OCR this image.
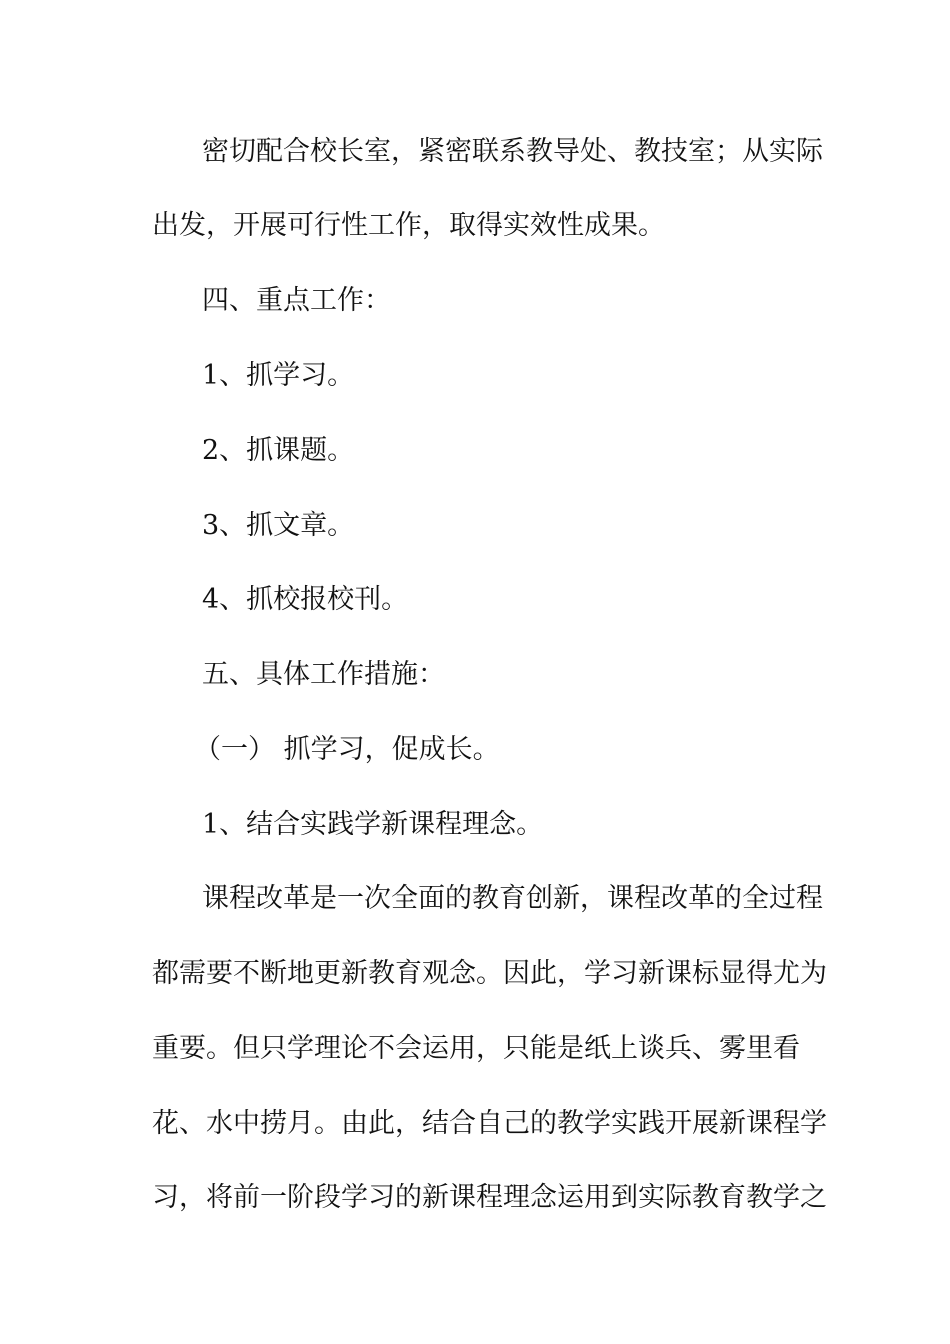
密切配合校长室，紧密联系教导处、教技室；从实际

出发，开展可行性工作，取得实效性成果。

四、重点工作：

1、抓学习。

2、抓课题。

3、抓文章。

4、抓校报校刊。

五、具体工作措施：

（一） 抓学习，促成长。

1、结合实践学新课程理念。

课程改革是一次全面的教育创新，课程改革的全过程

都需要不断地更新教育观念。因此，学习新课标显得尤为

重要。但只学理论不会运用，只能是纸上谈兵、雾里看

花、水中捞月。由此，结合自己的教学实践开展新课程学

习，将前一阶段学习的新课程理念运用到实际教育教学之
